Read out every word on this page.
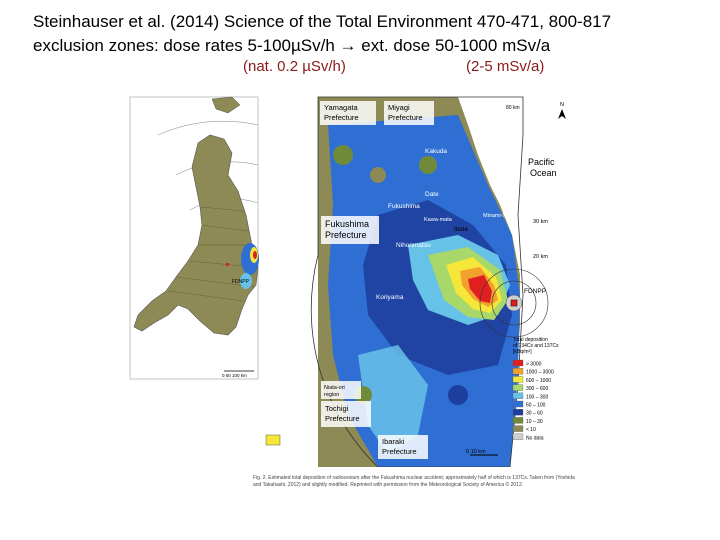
Steinhauser et al. (2014) Science of the Total Environment 470-471, 800-817
exclusion zones: dose rates 5-100µSv/h → ext. dose 50-1000 mSv/a
(nat. 0.2 µSv/h)	(2-5 mSv/a)
FDNPP
0 50 100 km
30 km
20 km
80 km
FDNPP
Yamagata Prefecture
Miyagi Prefecture
Fukushima Prefecture
Tochigi Prefecture
Ibaraki Prefecture
Niata-ori region
Kakuda
Date
Fukushima
Kawa-mata
Iitate
Minami-Soma
Nihonmatsu
Koriyama
Pacific Ocean
N
0 10 km
Total deposition of 134Cs and 137Cs [kBq/m²]
> 3000
1000 – 3000
600 – 1000
300 – 600
100 – 300
60 – 100
30 – 60
10 – 30
< 10
No data
Fig. 2. Estimated total deposition of radiocesium after the Fukushima nuclear accident; approximately half of which is 137Cs. Taken from (Yoshida and Takahashi, 2012) and slightly modified. Reprinted with permission from the Meteorological Society of America © 2012.
